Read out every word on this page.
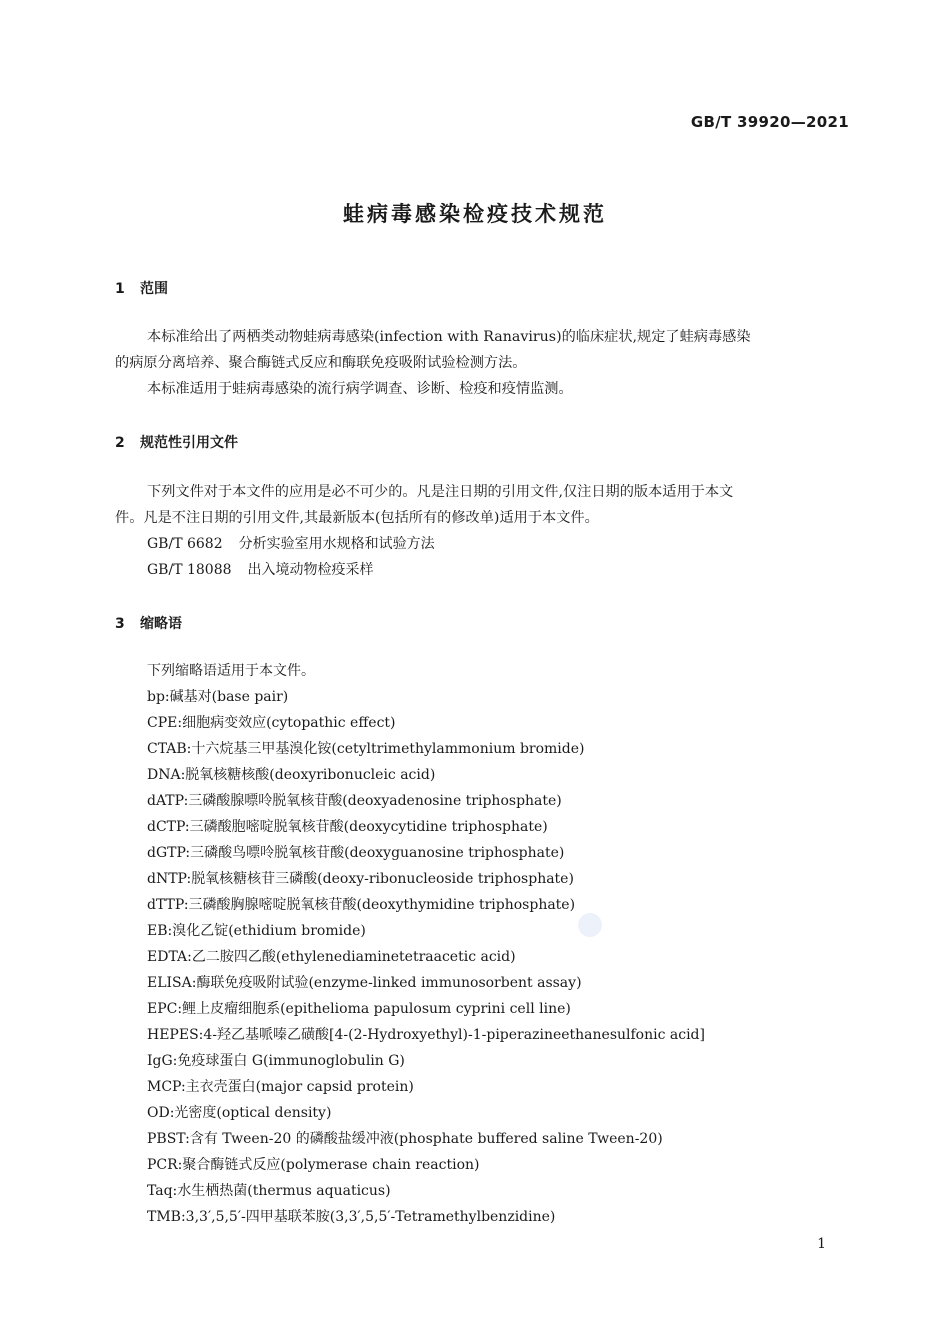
GB/T 39920—2021
蛙病毒感染检疫技术规范
1 范围
本标准给出了两栖类动物蛙病毒感染(infection with Ranavirus)的临床症状,规定了蛙病毒感染
的病原分离培养、聚合酶链式反应和酶联免疫吸附试验检测方法。
本标准适用于蛙病毒感染的流行病学调查、诊断、检疫和疫情监测。
2 规范性引用文件
下列文件对于本文件的应用是必不可少的。凡是注日期的引用文件,仅注日期的版本适用于本文
件。凡是不注日期的引用文件,其最新版本(包括所有的修改单)适用于本文件。
GB/T 6682 分析实验室用水规格和试验方法
GB/T 18088 出入境动物检疫采样
3 缩略语
下列缩略语适用于本文件。
bp:碱基对(base pair)
CPE:细胞病变效应(cytopathic effect)
CTAB:十六烷基三甲基溴化铵(cetyltrimethylammonium bromide)
DNA:脱氧核糖核酸(deoxyribonucleic acid)
dATP:三磷酸腺嘌呤脱氧核苷酸(deoxyadenosine triphosphate)
dCTP:三磷酸胞嘧啶脱氧核苷酸(deoxycytidine triphosphate)
dGTP:三磷酸鸟嘌呤脱氧核苷酸(deoxyguanosine triphosphate)
dNTP:脱氧核糖核苷三磷酸(deoxy-ribonucleoside triphosphate)
dTTP:三磷酸胸腺嘧啶脱氧核苷酸(deoxythymidine triphosphate)
EB:溴化乙锭(ethidium bromide)
EDTA:乙二胺四乙酸(ethylenediaminetetraacetic acid)
ELISA:酶联免疫吸附试验(enzyme-linked immunosorbent assay)
EPC:鲤上皮瘤细胞系(epithelioma papulosum cyprini cell line)
HEPES:4-羟乙基哌嗪乙磺酸[4-(2-Hydroxyethyl)-1-piperazineethanesulfonic acid]
IgG:免疫球蛋白 G(immunoglobulin G)
MCP:主衣壳蛋白(major capsid protein)
OD:光密度(optical density)
PBST:含有 Tween-20 的磷酸盐缓冲液(phosphate buffered saline Tween-20)
PCR:聚合酶链式反应(polymerase chain reaction)
Taq:水生栖热菌(thermus aquaticus)
TMB:3,3′,5,5′-四甲基联苯胺(3,3′,5,5′-Tetramethylbenzidine)
1
